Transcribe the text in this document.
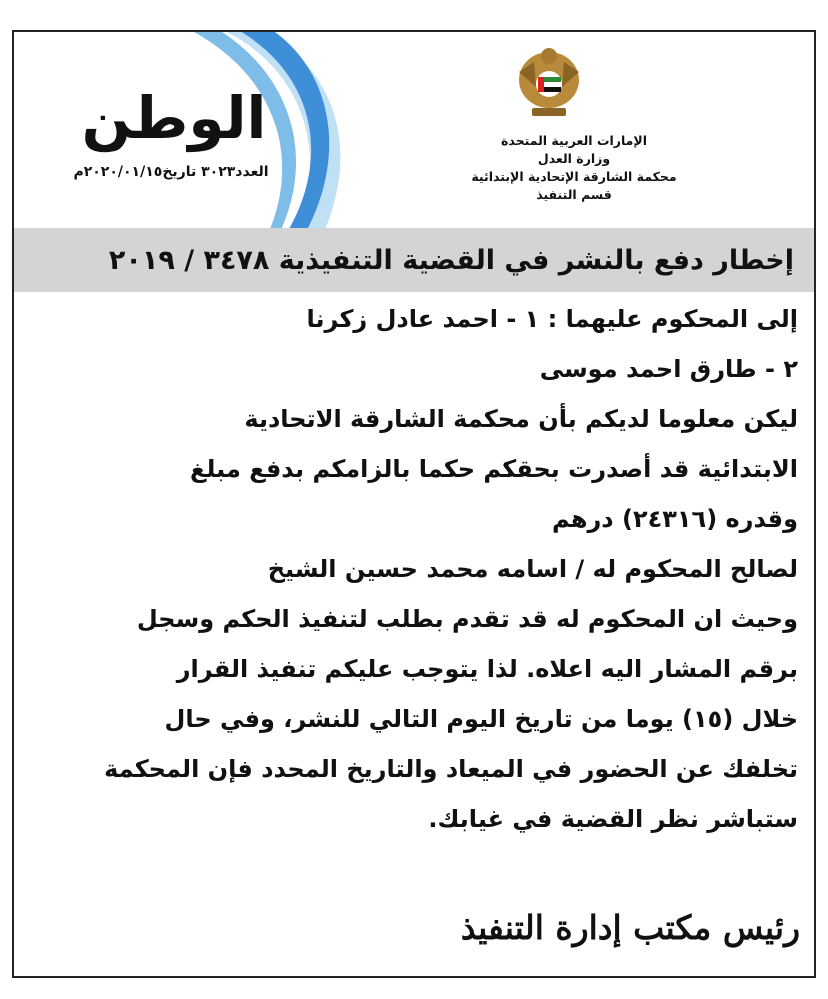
الوطن
العدد٣٠٢٣ تاريخ٢٠٢٠/٠١/١٥م
الإمارات العربية المتحدة
وزارة العدل
محكمة الشارقة الإتحادية الإبتدائية
قسم التنفيذ
إخطار دفع بالنشر في القضية التنفيذية ٣٤٧٨ / ٢٠١٩
إلى المحكوم عليهما : ١ - احمد عادل زكرنا
٢ - طارق احمد موسى
ليكن معلوما لديكم بأن محكمة الشارقة الاتحادية
الابتدائية قد أصدرت بحقكم حكما بالزامكم بدفع مبلغ
وقدره (٢٤٣١٦) درهم
لصالح المحكوم له / اسامه محمد حسين الشيخ
وحيث ان المحكوم له قد تقدم بطلب لتنفيذ الحكم وسجل
برقم المشار اليه اعلاه. لذا يتوجب عليكم تنفيذ القرار
خلال (١٥) يوما من تاريخ اليوم التالي للنشر، وفي حال
تخلفك عن الحضور في الميعاد والتاريخ المحدد فإن المحكمة
ستباشر نظر القضية في غيابك.
رئيس مكتب إدارة التنفيذ
